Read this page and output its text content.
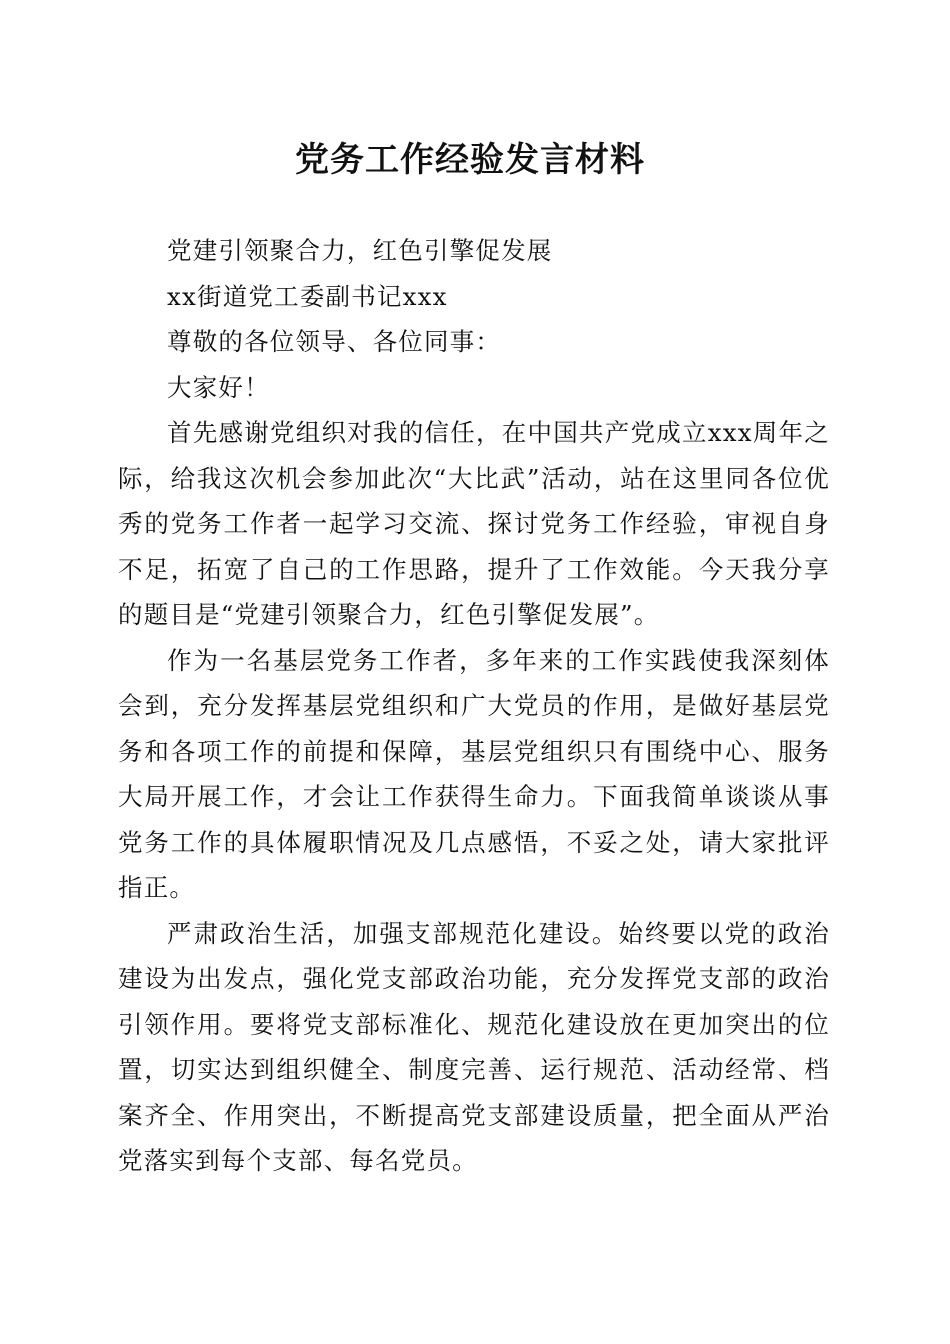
党务工作经验发言材料

党建引领聚合力，红色引擎促发展

xx街道党工委副书记xxx

尊敬的各位领导、各位同事：

大家好！

首先感谢党组织对我的信任，在中国共产党成立xxx周年之际，给我这次机会参加此次“大比武”活动，站在这里同各位优秀的党务工作者一起学习交流、探讨党务工作经验，审视自身不足，拓宽了自己的工作思路，提升了工作效能。今天我分享的题目是“党建引领聚合力，红色引擎促发展”。

作为一名基层党务工作者，多年来的工作实践使我深刻体会到，充分发挥基层党组织和广大党员的作用，是做好基层党务和各项工作的前提和保障，基层党组织只有围绕中心、服务大局开展工作，才会让工作获得生命力。下面我简单谈谈从事党务工作的具体履职情况及几点感悟，不妥之处，请大家批评指正。

严肃政治生活，加强支部规范化建设。始终要以党的政治建设为出发点，强化党支部政治功能，充分发挥党支部的政治引领作用。要将党支部标准化、规范化建设放在更加突出的位置，切实达到组织健全、制度完善、运行规范、活动经常、档案齐全、作用突出，不断提高党支部建设质量，把全面从严治党落实到每个支部、每名党员。
